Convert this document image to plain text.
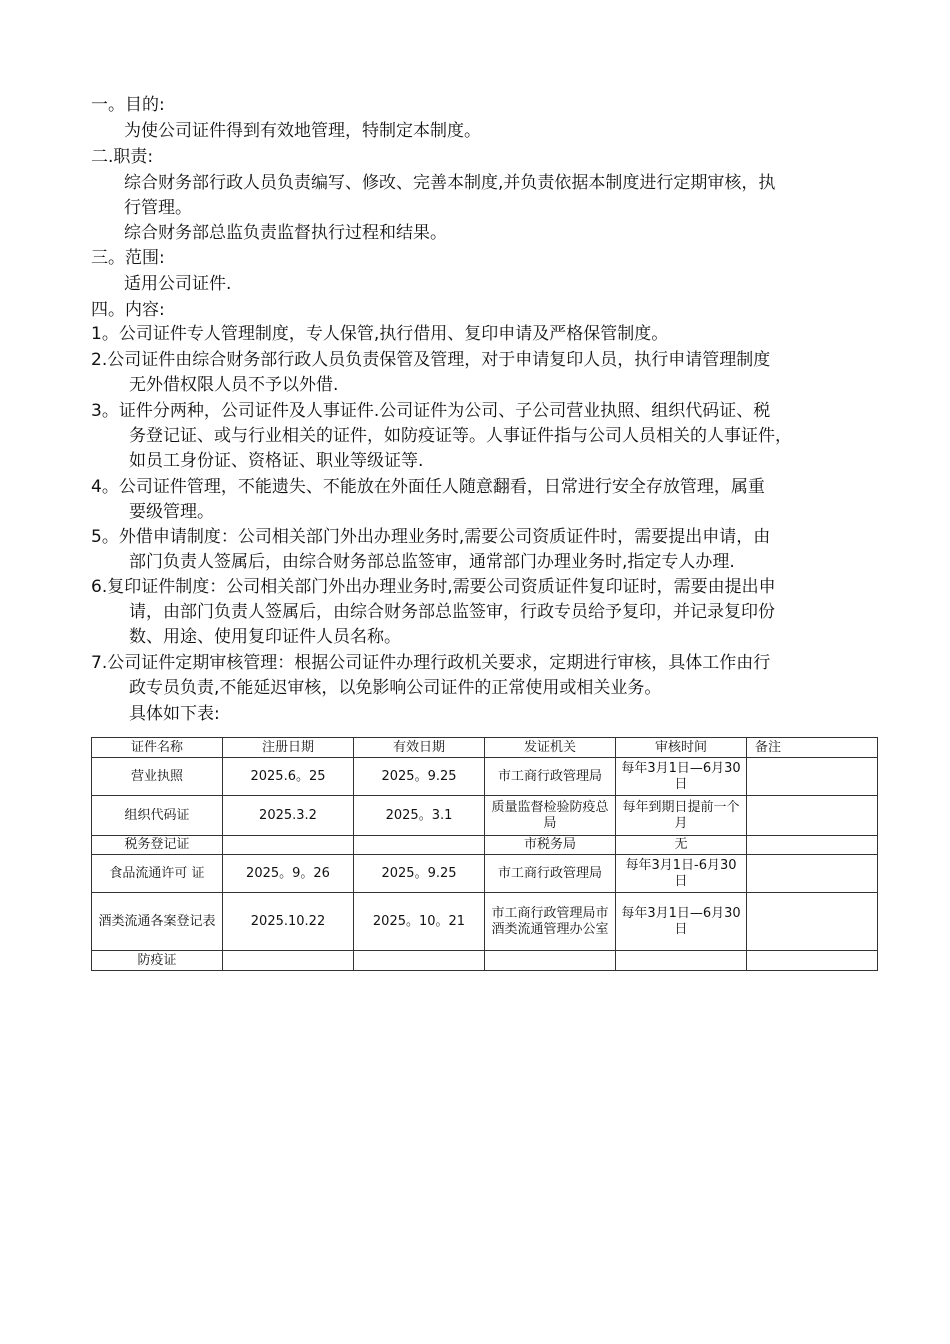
一。目的:
为使公司证件得到有效地管理，特制定本制度。
二.职责:
综合财务部行政人员负责编写、修改、完善本制度,并负责依据本制度进行定期审核，执
行管理。
综合财务部总监负责监督执行过程和结果。
三。范围:
适用公司证件.
四。内容:
1。公司证件专人管理制度，专人保管,执行借用、复印申请及严格保管制度。
2.公司证件由综合财务部行政人员负责保管及管理，对于申请复印人员，执行申请管理制度
无外借权限人员不予以外借.
3。证件分两种，公司证件及人事证件.公司证件为公司、子公司营业执照、组织代码证、税
务登记证、或与行业相关的证件，如防疫证等。人事证件指与公司人员相关的人事证件，
如员工身份证、资格证、职业等级证等.
4。公司证件管理，不能遗失、不能放在外面任人随意翻看，日常进行安全存放管理，属重
要级管理。
5。外借申请制度：公司相关部门外出办理业务时,需要公司资质证件时，需要提出申请，由
部门负责人签属后，由综合财务部总监签审，通常部门办理业务时,指定专人办理.
6.复印证件制度：公司相关部门外出办理业务时,需要公司资质证件复印证时，需要由提出申
请，由部门负责人签属后，由综合财务部总监签审，行政专员给予复印，并记录复印份
数、用途、使用复印证件人员名称。
7.公司证件定期审核管理：根据公司证件办理行政机关要求，定期进行审核，具体工作由行
政专员负责,不能延迟审核，以免影响公司证件的正常使用或相关业务。
具体如下表:
证件名称	注册日期	有效日期	发证机关	审核时间	备注
营业执照	2025.6。25	2025。9.25	市工商行政管理局	每年3月1日—6月30日	
组织代码证	2025.3.2	2025。3.1	质量监督检验防疫总局	每年到期日提前一个月	
税务登记证			市税务局	无	
食品流通许可 证	2025。9。26	2025。9.25	市工商行政管理局	每年3月1日-6月30日	
酒类流通各案登记表	2025.10.22	2025。10。21	市工商行政管理局市酒类流通管理办公室	每年3月1日—6月30日	
防疫证					
